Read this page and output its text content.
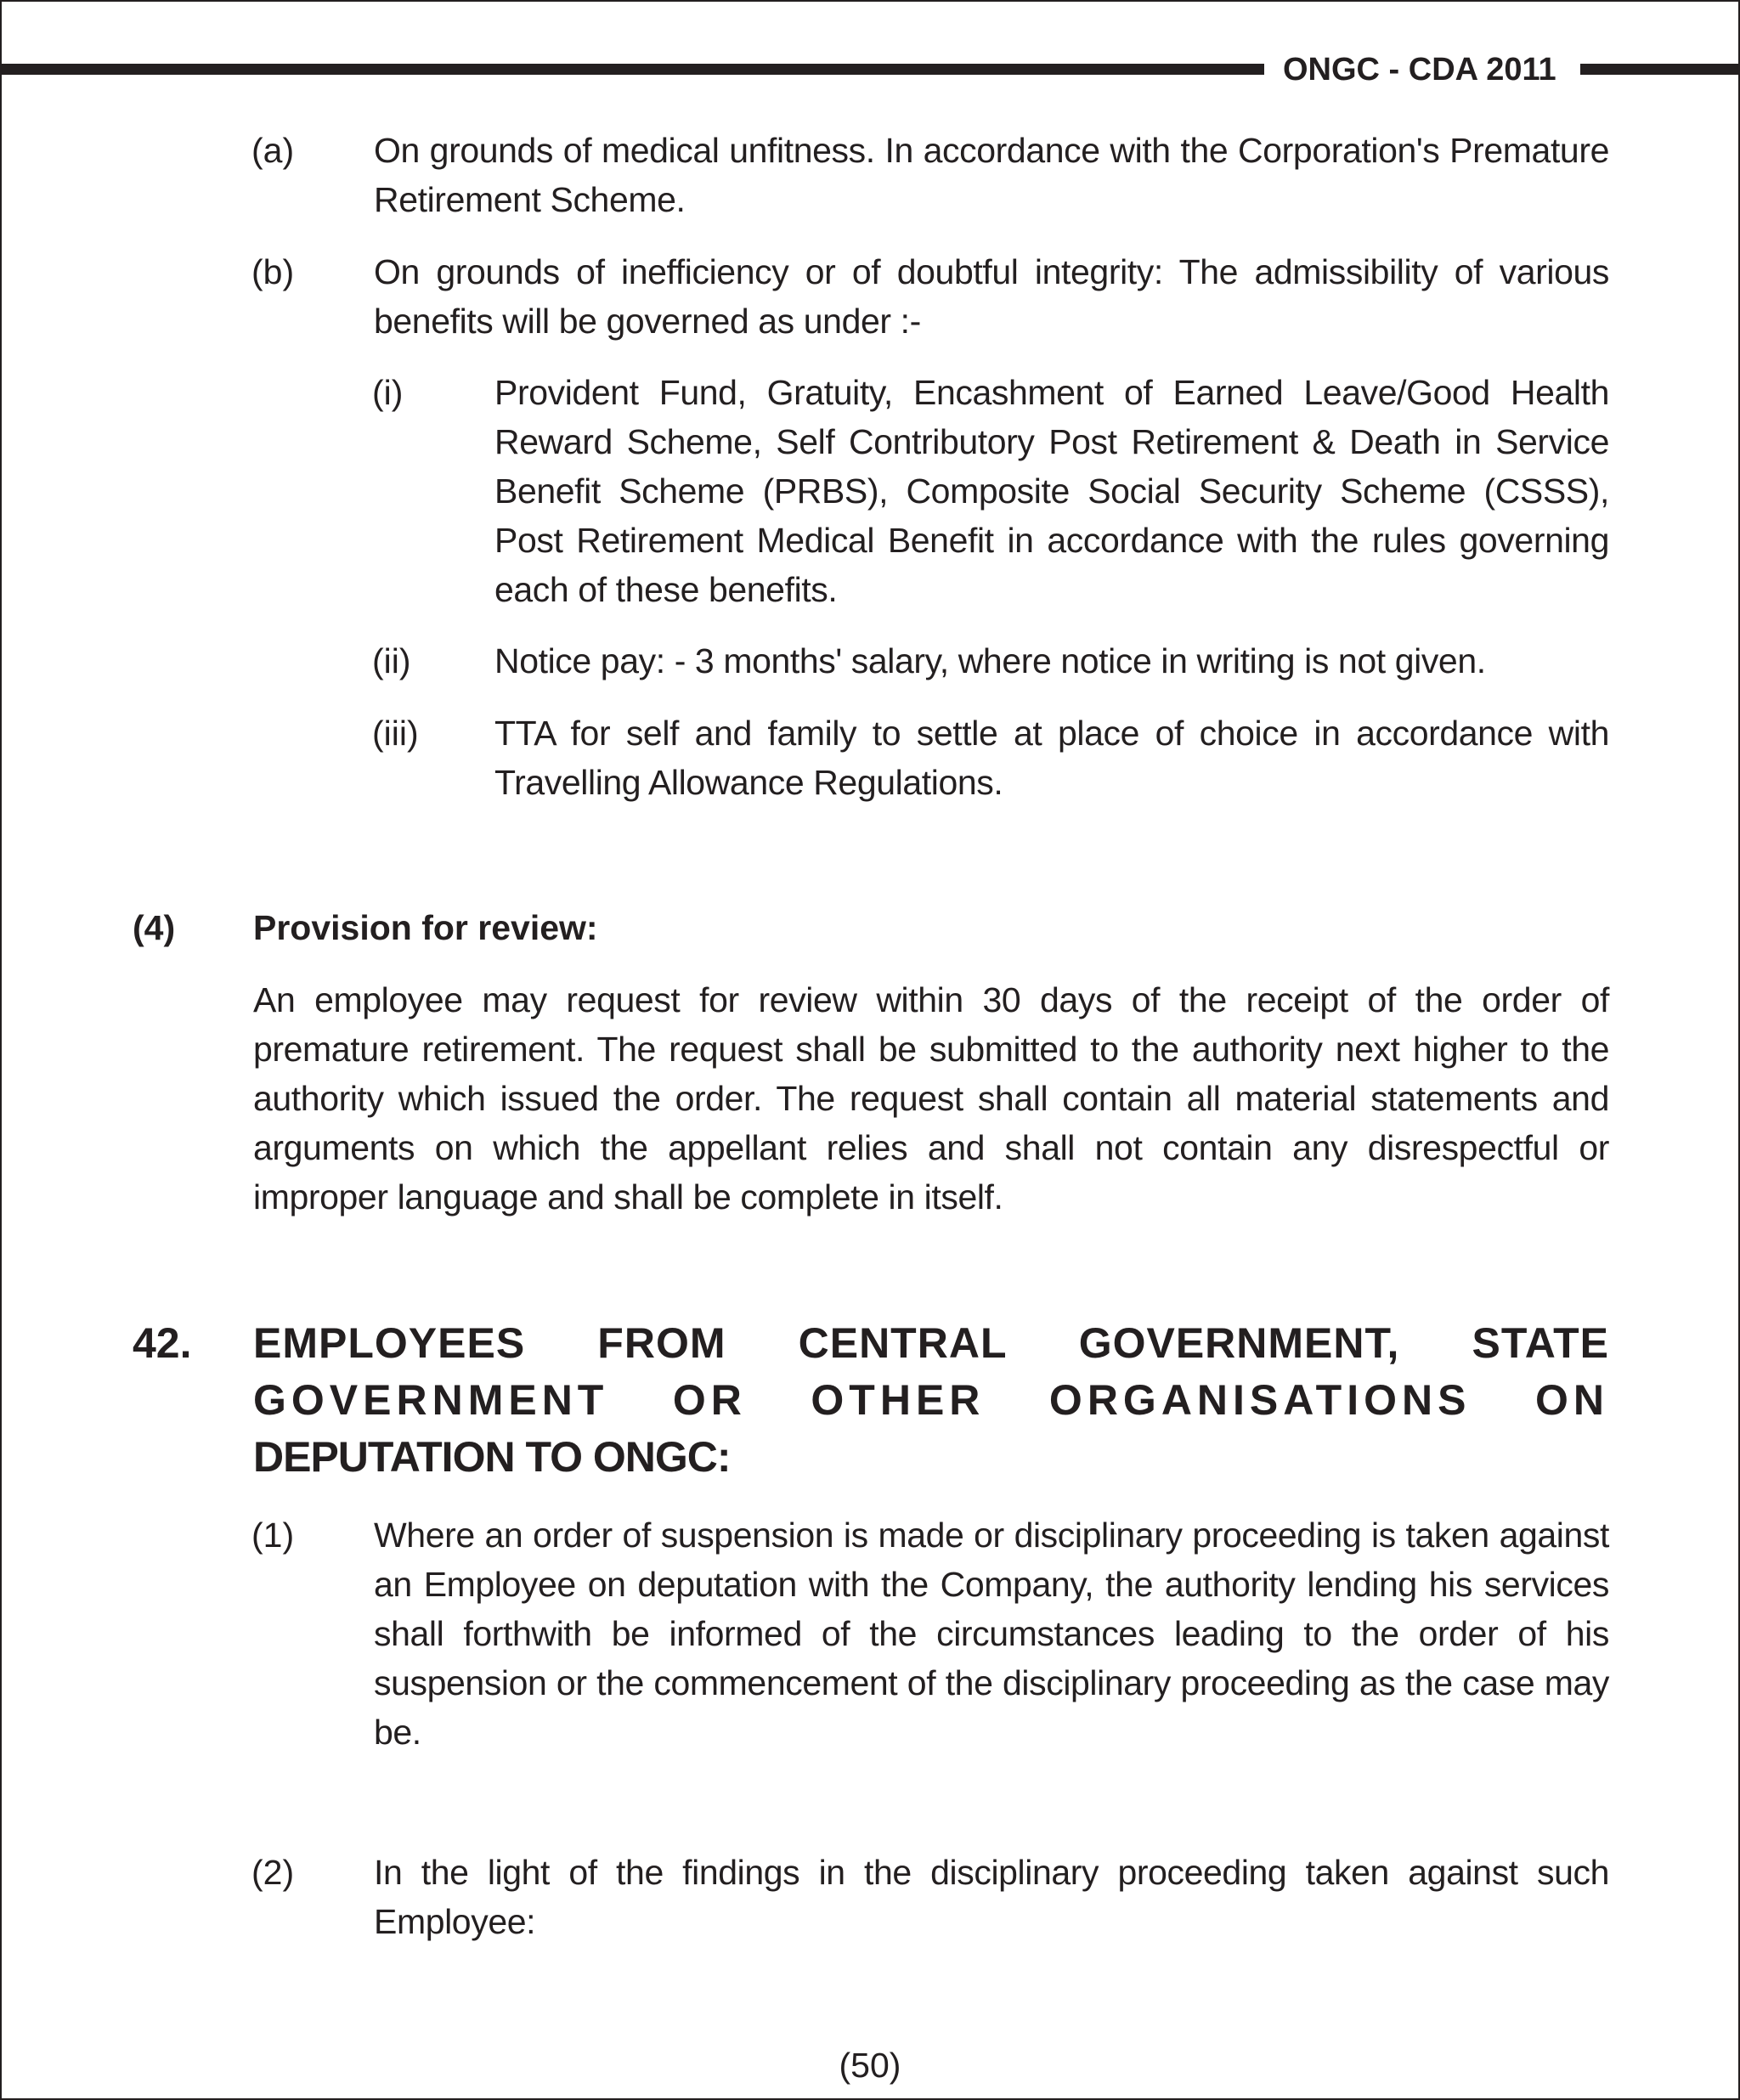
ONGC - CDA 2011
(a) On grounds of medical unfitness. In accordance with the Corporation's Premature Retirement Scheme.
(b) On grounds of inefficiency or of doubtful integrity: The admissibility of various benefits will be governed as under :-
(i)	Provident Fund, Gratuity, Encashment of Earned Leave/Good Health Reward Scheme, Self Contributory Post Retirement & Death in Service Benefit Scheme (PRBS), Composite Social Security Scheme (CSSS), Post Retirement Medical Benefit in accordance with the rules governing each of these benefits.
(ii) Notice pay: - 3 months' salary, where notice in writing is not given.
(iii) TTA for self and family to settle at place of choice in accordance with Travelling Allowance Regulations.
(4) Provision for review:
An employee may request for review within 30 days of the receipt of the order of premature retirement. The request shall be submitted to the authority next higher to the authority which issued the order. The request shall contain all material statements and arguments on which the appellant relies and shall not contain any disrespectful or improper language and shall be complete in itself.
42. EMPLOYEES FROM CENTRAL GOVERNMENT, STATE
GOVERNMENT OR OTHER ORGANISATIONS ON
DEPUTATION TO ONGC:
(1) Where an order of suspension is made or disciplinary proceeding is taken against an Employee on deputation with the Company, the authority lending his services shall forthwith be informed of the circumstances leading to the order of his suspension or the commencement of the disciplinary proceeding as the case may be.
(2) In the light of the findings in the disciplinary proceeding taken against such Employee:
(50)
